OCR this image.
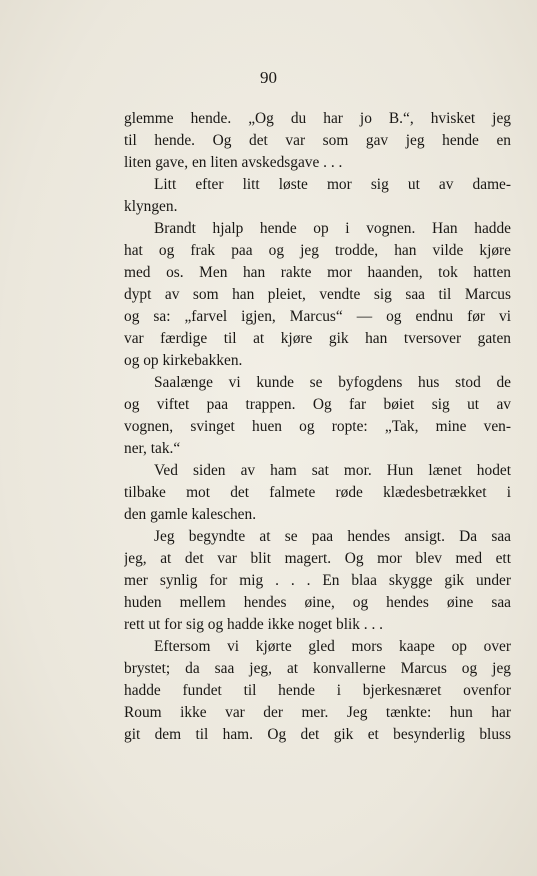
90
glemme hende. „Og du har jo B.“, hvisket jeg
til hende. Og det var som gav jeg hende en
liten gave, en liten avskedsgave . . .
Litt efter litt løste mor sig ut av dame-
klyngen.
Brandt hjalp hende op i vognen. Han hadde
hat og frak paa og jeg trodde, han vilde kjøre
med os. Men han rakte mor haanden, tok hatten
dypt av som han pleiet, vendte sig saa til Marcus
og sa: „farvel igjen, Marcus“ — og endnu før vi
var færdige til at kjøre gik han tversover gaten
og op kirkebakken.
Saalænge vi kunde se byfogdens hus stod de
og viftet paa trappen. Og far bøiet sig ut av
vognen, svinget huen og ropte: „Tak, mine ven-
ner, tak.“
Ved siden av ham sat mor. Hun lænet hodet
tilbake mot det falmete røde klædesbetrækket i
den gamle kaleschen.
Jeg begyndte at se paa hendes ansigt. Da saa
jeg, at det var blit magert. Og mor blev med ett
mer synlig for mig . . . En blaa skygge gik under
huden mellem hendes øine, og hendes øine saa
rett ut for sig og hadde ikke noget blik . . .
Eftersom vi kjørte gled mors kaape op over
brystet; da saa jeg, at konvallerne Marcus og jeg
hadde fundet til hende i bjerkesnæret ovenfor
Roum ikke var der mer. Jeg tænkte: hun har
git dem til ham. Og det gik et besynderlig bluss
